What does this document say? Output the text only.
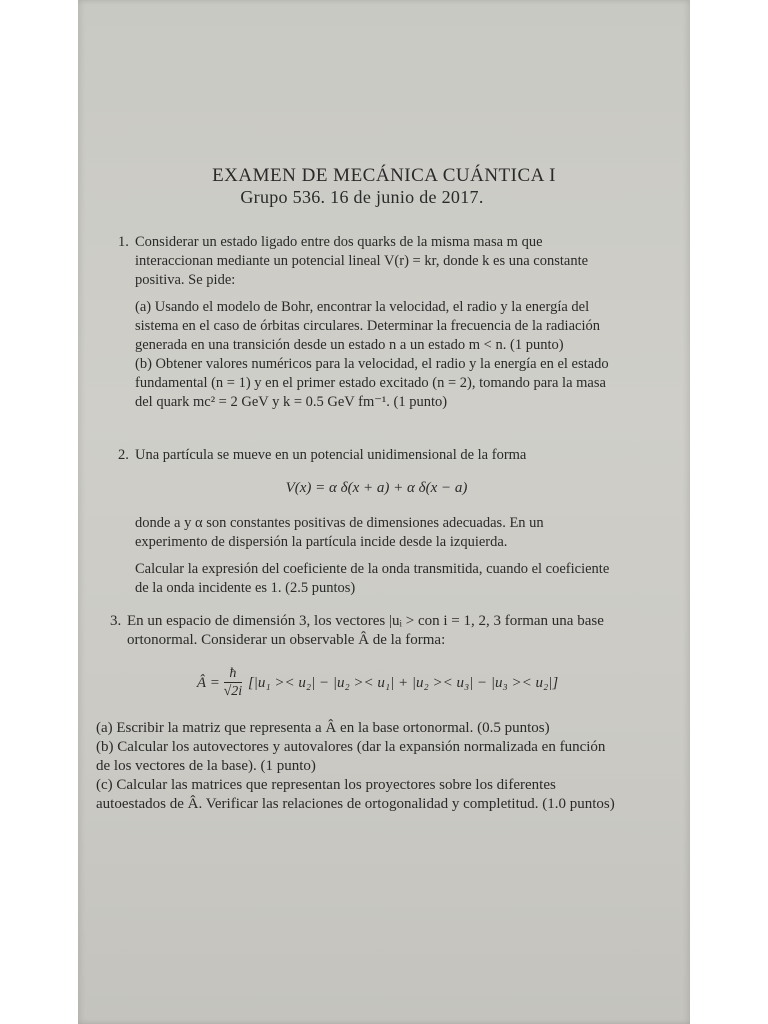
EXAMEN DE MECÁNICA CUÁNTICA I
Grupo 536. 16 de junio de 2017.
1. Considerar un estado ligado entre dos quarks de la misma masa m que interaccionan mediante un potencial lineal V(r) = kr, donde k es una constante positiva. Se pide:

(a) Usando el modelo de Bohr, encontrar la velocidad, el radio y la energía del sistema en el caso de órbitas circulares. Determinar la frecuencia de la radiación generada en una transición desde un estado n a un estado m < n. (1 punto)

(b) Obtener valores numéricos para la velocidad, el radio y la energía en el estado fundamental (n = 1) y en el primer estado excitado (n = 2), tomando para la masa del quark mc² = 2 GeV y k = 0.5 GeV fm⁻¹. (1 punto)

2. Una partícula se mueve en un potencial unidimensional de la forma

V(x) = α δ(x + a) + α δ(x − a)

donde a y α son constantes positivas de dimensiones adecuadas. En un experimento de dispersión la partícula incide desde la izquierda.

Calcular la expresión del coeficiente de la onda transmitida, cuando el coeficiente de la onda incidente es 1. (2.5 puntos)

3. En un espacio de dimensión 3, los vectores |uᵢ > con i = 1, 2, 3 forman una base ortonormal. Considerar un observable Â de la forma:

Â = $\frac{ħ}{√2i} [|u_1 >< u_2| - |u_2 >< u_1| + |u_2 >< u_3| - |u_3 >< u_2|]$

(a) Escribir la matriz que representa a Â en la base ortonormal. (0.5 puntos)

(b) Calcular los autovectores y autovalores (dar la expansión normalizada en función de los vectores de la base). (1 punto)

(c) Calcular las matrices que representan los proyectores sobre los diferentes autoestados de Â. Verificar las relaciones de ortogonalidad y completitud. (1.0 puntos)
